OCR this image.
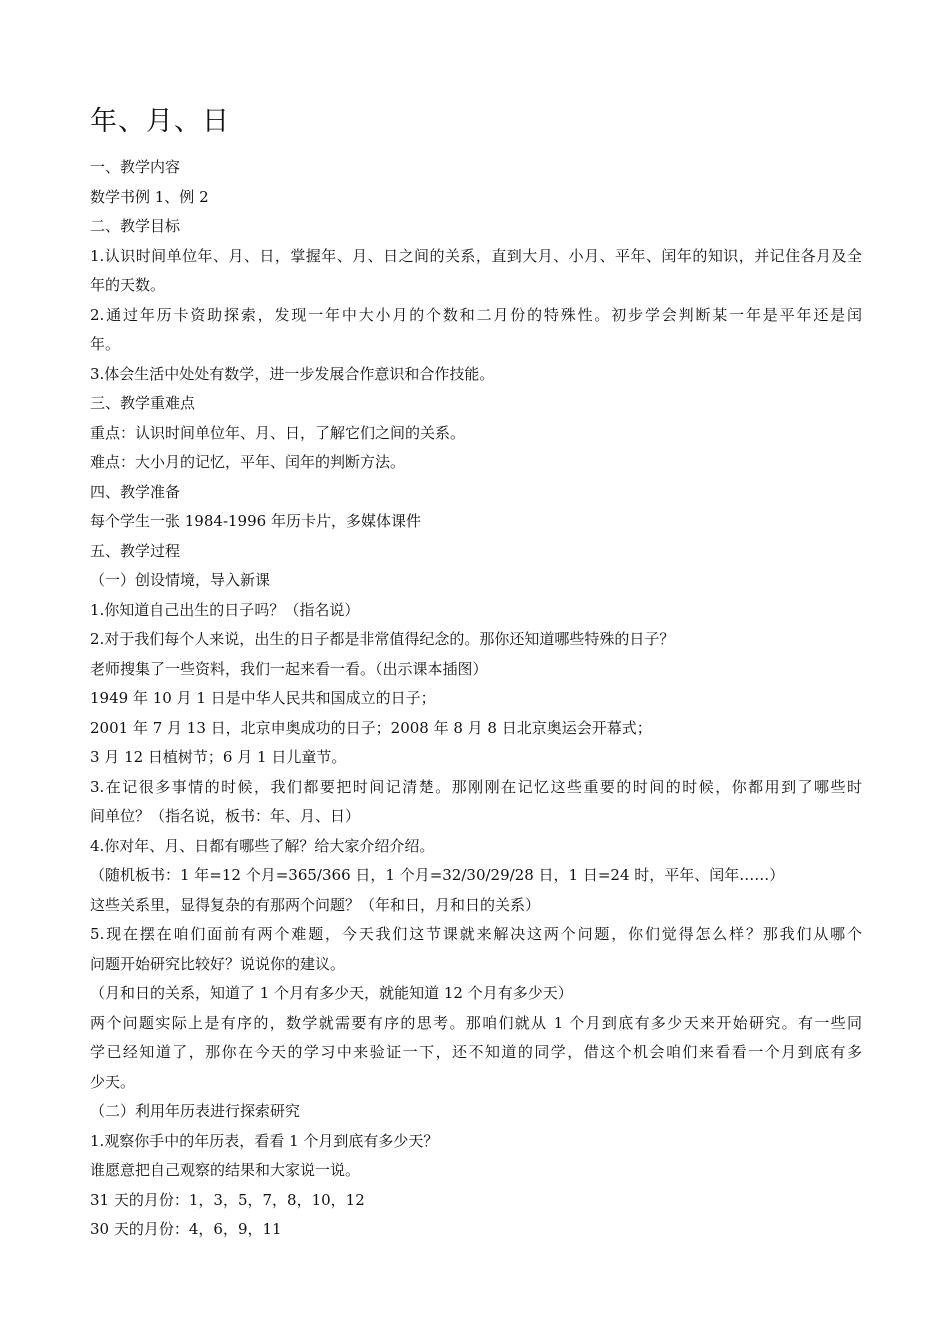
年、月、日
一、教学内容
数学书例 1、例 2
二、教学目标
1.认识时间单位年、月、日，掌握年、月、日之间的关系，直到大月、小月、平年、闰年的知识，并记住各月及全
年的天数。
2.通过年历卡资助探索，发现一年中大小月的个数和二月份的特殊性。初步学会判断某一年是平年还是闰
年。
3.体会生活中处处有数学，进一步发展合作意识和合作技能。
三、教学重难点
重点：认识时间单位年、月、日，了解它们之间的关系。
难点：大小月的记忆，平年、闰年的判断方法。
四、教学准备
每个学生一张 1984-1996 年历卡片，多媒体课件
五、教学过程
（一）创设情境，导入新课
1.你知道自己出生的日子吗？（指名说）
2.对于我们每个人来说，出生的日子都是非常值得纪念的。那你还知道哪些特殊的日子？
老师搜集了一些资料，我们一起来看一看。（出示课本插图）
1949 年 10 月 1 日是中华人民共和国成立的日子；
2001 年 7 月 13 日，北京申奥成功的日子；2008 年 8 月 8 日北京奥运会开幕式；
3 月 12 日植树节；6 月 1 日儿童节。
3.在记很多事情的时候，我们都要把时间记清楚。那刚刚在记忆这些重要的时间的时候，你都用到了哪些时
间单位？（指名说，板书：年、月、日）
4.你对年、月、日都有哪些了解？给大家介绍介绍。
（随机板书：1 年=12 个月=365/366 日，1 个月=32/30/29/28 日，1 日=24 时，平年、闰年……）
这些关系里，显得复杂的有那两个问题？（年和日，月和日的关系）
5.现在摆在咱们面前有两个难题，今天我们这节课就来解决这两个问题，你们觉得怎么样？那我们从哪个
问题开始研究比较好？说说你的建议。
（月和日的关系，知道了 1 个月有多少天，就能知道 12 个月有多少天）
两个问题实际上是有序的，数学就需要有序的思考。那咱们就从 1 个月到底有多少天来开始研究。有一些同
学已经知道了，那你在今天的学习中来验证一下，还不知道的同学，借这个机会咱们来看看一个月到底有多
少天。
（二）利用年历表进行探索研究
1.观察你手中的年历表，看看 1 个月到底有多少天？
谁愿意把自己观察的结果和大家说一说。
31 天的月份：1，3，5，7，8，10，12
30 天的月份：4，6，9，11
